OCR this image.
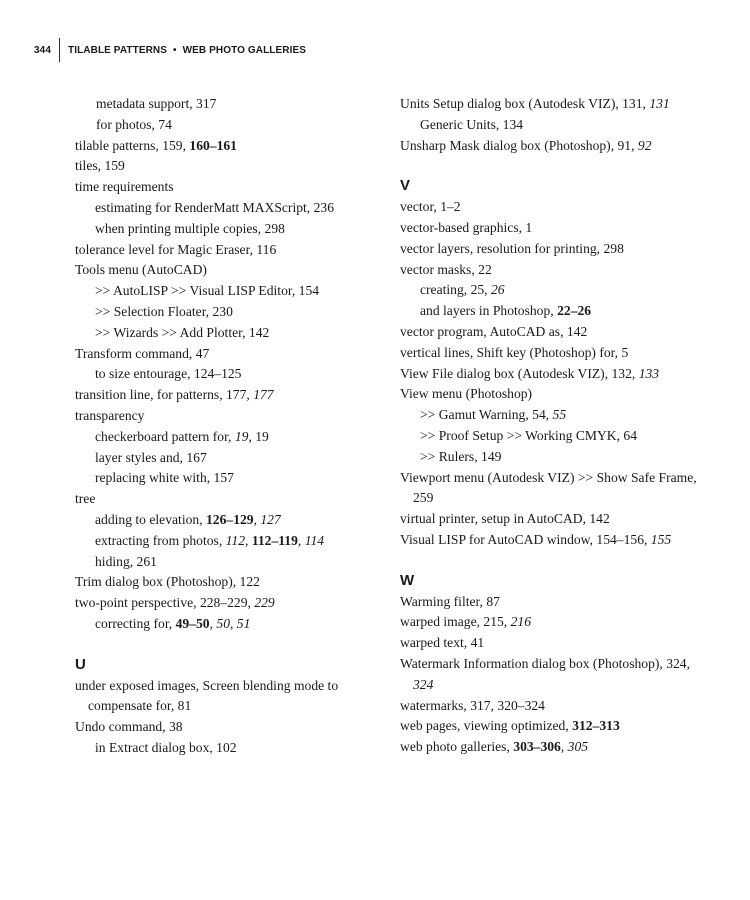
344	TILABLE PATTERNS • WEB PHOTO GALLERIES

metadata support, 317

for photos, 74

tilable patterns, 159, 160–161

tiles, 159

time requirements

estimating for RenderMatt MAXScript, 236

when printing multiple copies, 298

tolerance level for Magic Eraser, 116

Tools menu (AutoCAD)

>> AutoLISP >> Visual LISP Editor, 154

>> Selection Floater, 230

>> Wizards >> Add Plotter, 142

Transform command, 47

to size entourage, 124–125

transition line, for patterns, 177, 177

transparency

checkerboard pattern for, 19, 19

layer styles and, 167

replacing white with, 157

tree

adding to elevation, 126–129, 127

extracting from photos, 112, 112–119, 114

hiding, 261

Trim dialog box (Photoshop), 122

two-point perspective, 228–229, 229

correcting for, 49–50, 50, 51

U

under exposed images, Screen blending mode to compensate for, 81

Undo command, 38

in Extract dialog box, 102

Units Setup dialog box (Autodesk VIZ), 131, 131

Generic Units, 134

Unsharp Mask dialog box (Photoshop), 91, 92

V

vector, 1–2

vector-based graphics, 1

vector layers, resolution for printing, 298

vector masks, 22

creating, 25, 26

and layers in Photoshop, 22–26

vector program, AutoCAD as, 142

vertical lines, Shift key (Photoshop) for, 5

View File dialog box (Autodesk VIZ), 132, 133

View menu (Photoshop)

>> Gamut Warning, 54, 55

>> Proof Setup >> Working CMYK, 64

>> Rulers, 149

Viewport menu (Autodesk VIZ) >> Show Safe Frame, 259

virtual printer, setup in AutoCAD, 142

Visual LISP for AutoCAD window, 154–156, 155

W

Warming filter, 87

warped image, 215, 216

warped text, 41

Watermark Information dialog box (Photoshop), 324, 324

watermarks, 317, 320–324

web pages, viewing optimized, 312–313

web photo galleries, 303–306, 305
